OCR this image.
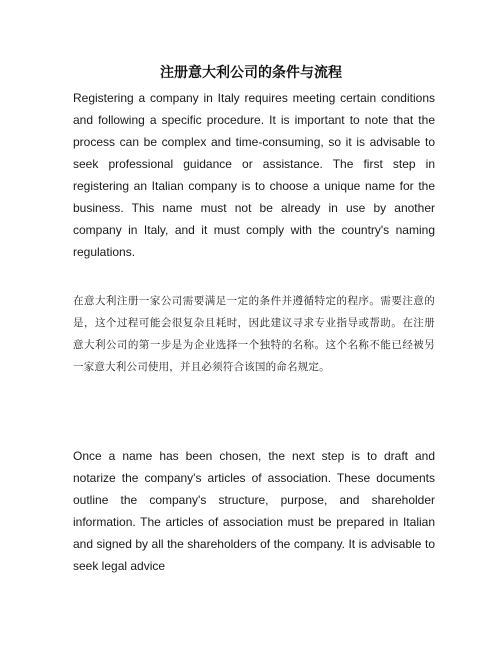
注册意大利公司的条件与流程

Registering a company in Italy requires meeting certain conditions and following a specific procedure. It is important to note that the process can be complex and time-consuming, so it is advisable to seek professional guidance or assistance. The first step in registering an Italian company is to choose a unique name for the business. This name must not be already in use by another company in Italy, and it must comply with the country's naming regulations.

在意大利注册一家公司需要满足一定的条件并遵循特定的程序。需要注意的是，这个过程可能会很复杂且耗时，因此建议寻求专业指导或帮助。在注册意大利公司的第一步是为企业选择一个独特的名称。这个名称不能已经被另一家意大利公司使用，并且必须符合该国的命名规定。

Once a name has been chosen, the next step is to draft and notarize the company's articles of association. These documents outline the company's structure, purpose, and shareholder information. The articles of association must be prepared in Italian and signed by all the shareholders of the company. It is advisable to seek legal advice
